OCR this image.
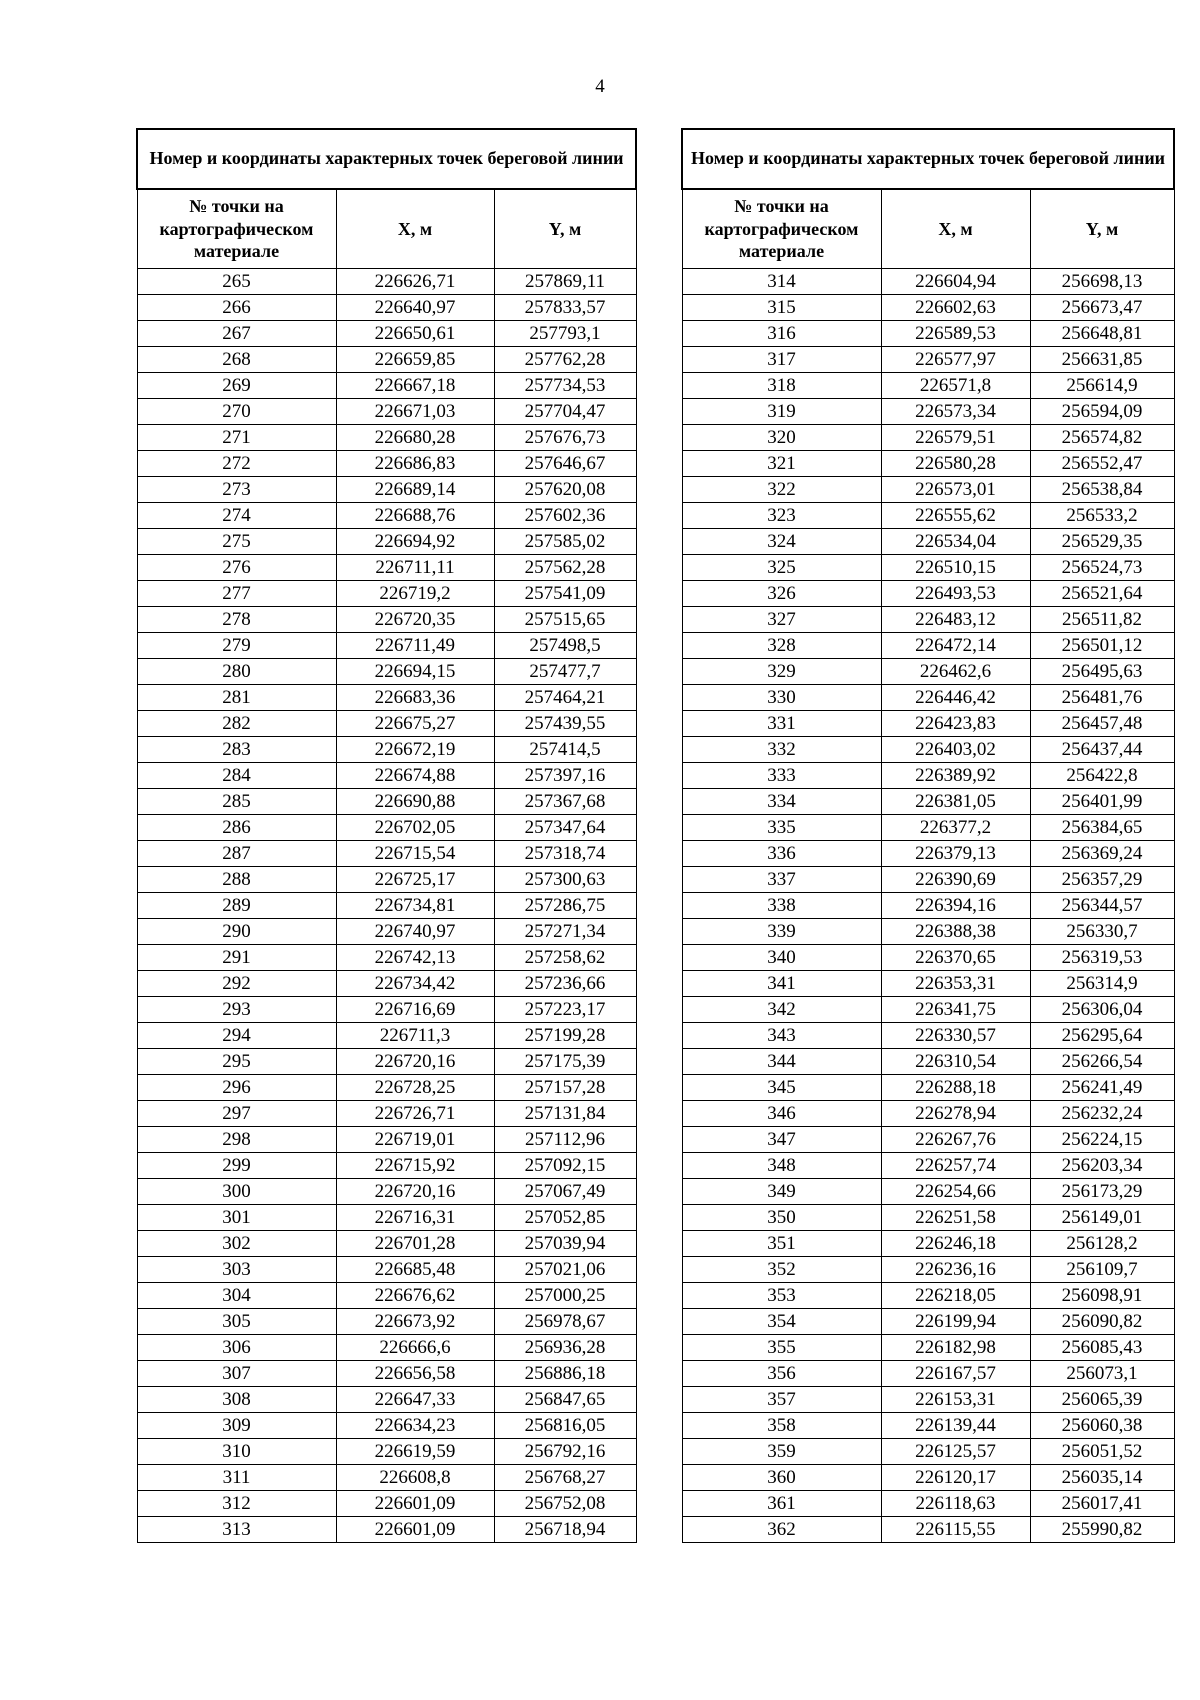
4
Номер и координаты характерных точек береговой линии		
№ точки на картографическом материале	X, м	Y, м
265	226626,71	257869,11
266	226640,97	257833,57
267	226650,61	257793,1
268	226659,85	257762,28
269	226667,18	257734,53
270	226671,03	257704,47
271	226680,28	257676,73
272	226686,83	257646,67
273	226689,14	257620,08
274	226688,76	257602,36
275	226694,92	257585,02
276	226711,11	257562,28
277	226719,2	257541,09
278	226720,35	257515,65
279	226711,49	257498,5
280	226694,15	257477,7
281	226683,36	257464,21
282	226675,27	257439,55
283	226672,19	257414,5
284	226674,88	257397,16
285	226690,88	257367,68
286	226702,05	257347,64
287	226715,54	257318,74
288	226725,17	257300,63
289	226734,81	257286,75
290	226740,97	257271,34
291	226742,13	257258,62
292	226734,42	257236,66
293	226716,69	257223,17
294	226711,3	257199,28
295	226720,16	257175,39
296	226728,25	257157,28
297	226726,71	257131,84
298	226719,01	257112,96
299	226715,92	257092,15
300	226720,16	257067,49
301	226716,31	257052,85
302	226701,28	257039,94
303	226685,48	257021,06
304	226676,62	257000,25
305	226673,92	256978,67
306	226666,6	256936,28
307	226656,58	256886,18
308	226647,33	256847,65
309	226634,23	256816,05
310	226619,59	256792,16
311	226608,8	256768,27
312	226601,09	256752,08
313	226601,09	256718,94
Номер и координаты характерных точек береговой линии		
№ точки на картографическом материале	X, м	Y, м
314	226604,94	256698,13
315	226602,63	256673,47
316	226589,53	256648,81
317	226577,97	256631,85
318	226571,8	256614,9
319	226573,34	256594,09
320	226579,51	256574,82
321	226580,28	256552,47
322	226573,01	256538,84
323	226555,62	256533,2
324	226534,04	256529,35
325	226510,15	256524,73
326	226493,53	256521,64
327	226483,12	256511,82
328	226472,14	256501,12
329	226462,6	256495,63
330	226446,42	256481,76
331	226423,83	256457,48
332	226403,02	256437,44
333	226389,92	256422,8
334	226381,05	256401,99
335	226377,2	256384,65
336	226379,13	256369,24
337	226390,69	256357,29
338	226394,16	256344,57
339	226388,38	256330,7
340	226370,65	256319,53
341	226353,31	256314,9
342	226341,75	256306,04
343	226330,57	256295,64
344	226310,54	256266,54
345	226288,18	256241,49
346	226278,94	256232,24
347	226267,76	256224,15
348	226257,74	256203,34
349	226254,66	256173,29
350	226251,58	256149,01
351	226246,18	256128,2
352	226236,16	256109,7
353	226218,05	256098,91
354	226199,94	256090,82
355	226182,98	256085,43
356	226167,57	256073,1
357	226153,31	256065,39
358	226139,44	256060,38
359	226125,57	256051,52
360	226120,17	256035,14
361	226118,63	256017,41
362	226115,55	255990,82
